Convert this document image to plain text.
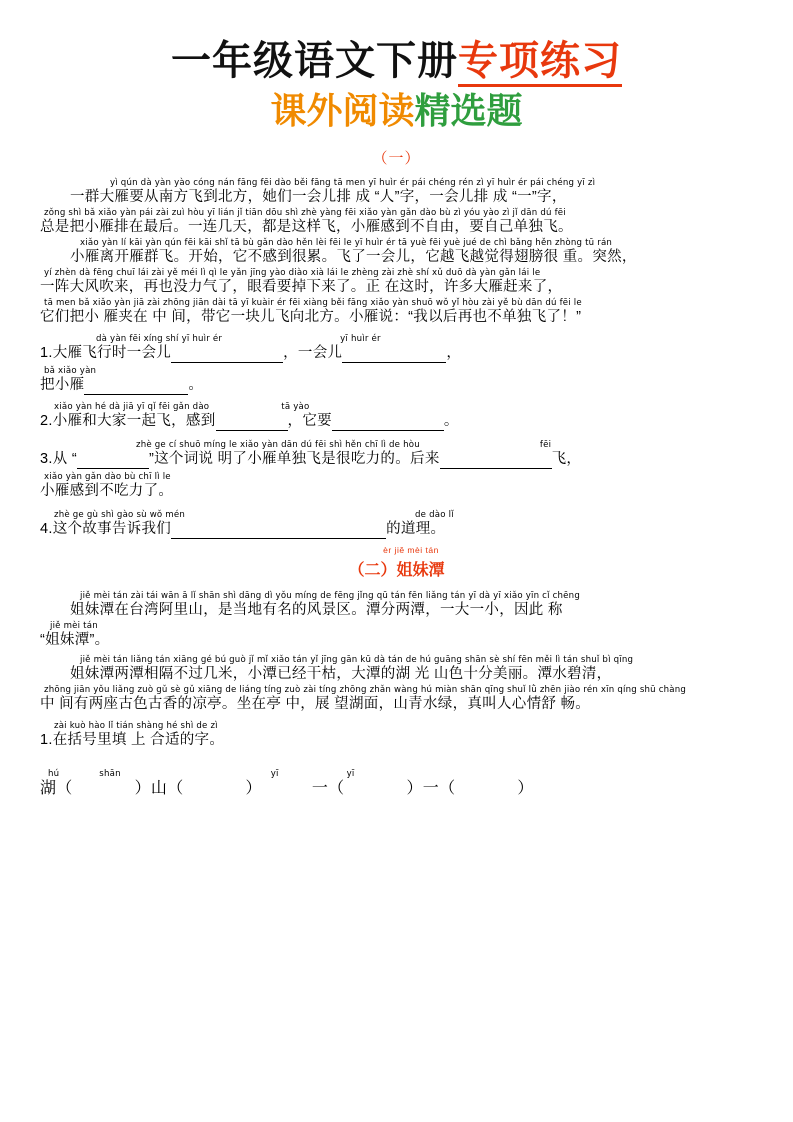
一年级语文下册专项练习
课外阅读精选题
（一）
yì qún dà yàn yào cóng nán fāng fēi dào běi fāng tā men yī huìr ér pái chéng rén zì yī huìr ér pái chéng yī zì
一群大雁要从南方飞到北方，她们一会儿排 成 “人”字，一会儿排 成 “一”字，
zǒng shì bǎ xiǎo yàn pái zài zuì hòu yī lián jǐ tiān dōu shì zhè yàng fēi xiǎo yàn gǎn dào bù zì yóu yào zì jǐ dān dú fēi
总是把小雁排在最后。一连几天，都是这样飞，小雁感到不自由，要自己单独飞。
xiǎo yàn lí kāi yàn qún fēi kāi shǐ tā bù gǎn dào hěn lèi fēi le yī huìr ér tā yuè fēi yuè jué de chì bǎng hěn zhòng tū rán
小雁离开雁群飞。开始，它不感到很累。飞了一会儿，它越飞越觉得翅膀很 重。突然，
yí zhèn dà fēng chuī lái zài yě méi lì qì le yǎn jīng yào diào xià lái le zhèng zài zhè shí xǔ duō dà yàn gǎn lái le
一阵大风吹来，再也没力气了，眼看要掉下来了。正 在这时，许多大雁赶来了，
tā men bǎ xiǎo yàn jiā zài zhōng jiān dài tā yī kuàir ér fēi xiàng běi fāng xiǎo yàn shuō wǒ yǐ hòu zài yě bù dān dú fēi le
它们把小 雁夹在 中 间，带它一块儿飞向北方。小雁说：“我以后再也不单独飞了！”
dà yàn fēi xíng shí yī huìr ér	yī huìr ér
1.大雁飞行时一会儿	，一会儿	，
bǎ xiǎo yàn
把小雁	。
xiǎo yàn hé dà jiā yī qǐ fēi gǎn dào	tā yào
2.小雁和大家一起飞，感到	，它要	。
zhè ge cí shuō míng le xiǎo yàn dān dú fēi shì hěn chī lì de hòu	fēi
3.从 “	”这个词说 明了小雁单独飞是很吃力的。后来	飞，
xiǎo yàn gǎn dào bù chī lì le
小雁感到不吃力了。
zhè ge gù shì gào sù wǒ mén	de dào lǐ
4.这个故事告诉我们	的道理。
èr jiě mèi tán
（二）姐妹潭
jiě mèi tán zài tái wān ā lǐ shān shì dāng dì yǒu míng de fēng jǐng qū tán fēn liǎng tán yī dà yī xiǎo yīn cǐ chēng
姐妹潭在台湾阿里山，是当地有名的风景区。潭分两潭，一大一小，因此 称
jiě mèi tán
“姐妹潭”。
jiě mèi tán liǎng tán xiāng gé bú guò jǐ mǐ xiǎo tán yǐ jīng gān kū dà tán de hú guāng shān sè shí fēn měi lì tán shuǐ bì qīng
姐妹潭两潭相隔不过几米，小潭已经干枯，大潭的湖 光 山色十分美丽。潭水碧清，
zhōng jiān yǒu liǎng zuò gǔ sè gǔ xiāng de liáng tíng zuò zài tíng zhōng zhǎn wàng hú miàn shān qīng shuǐ lǜ zhēn jiào rén xīn qíng shū chàng
中 间有两座古色古香的凉亭。坐在亭 中，展 望湖面，山青水绿，真叫人心情舒 畅。
zài kuò hào lǐ tián shàng hé shì de zì
1.在括号里填 上 合适的字。
hú	shān	yī	yī
湖（	）山（	）	一（	）一（	）
